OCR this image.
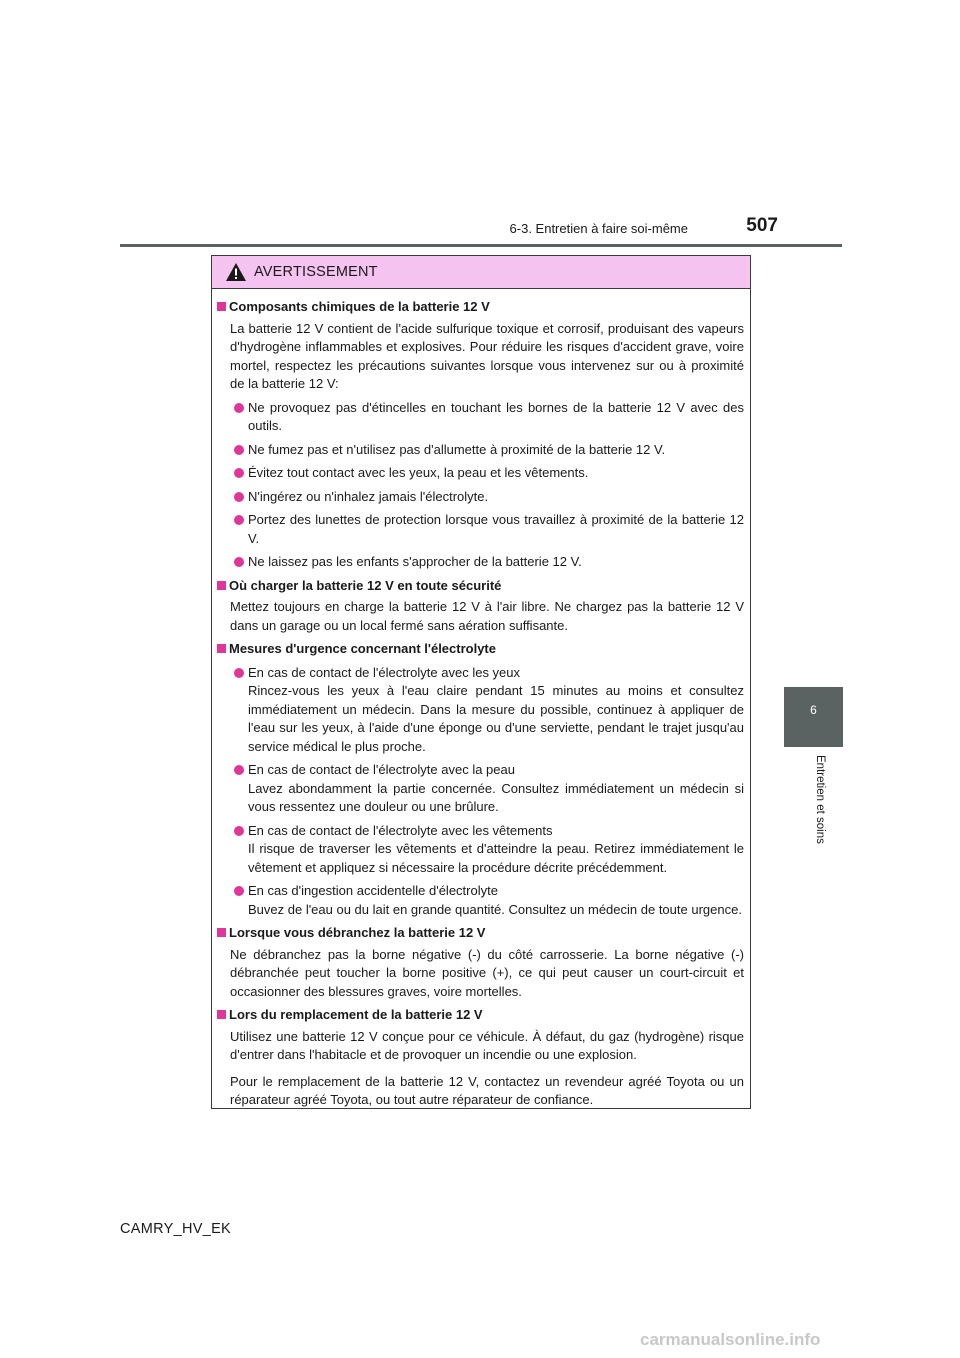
6-3. Entretien à faire soi-même	507
6
Entretien et soins
AVERTISSEMENT
Composants chimiques de la batterie 12 V
La batterie 12 V contient de l'acide sulfurique toxique et corrosif, produisant des vapeurs d'hydrogène inflammables et explosives. Pour réduire les risques d'accident grave, voire mortel, respectez les précautions suivantes lorsque vous intervenez sur ou à proximité de la batterie 12 V:
Ne provoquez pas d'étincelles en touchant les bornes de la batterie 12 V avec des outils.
Ne fumez pas et n'utilisez pas d'allumette à proximité de la batterie 12 V.
Évitez tout contact avec les yeux, la peau et les vêtements.
N'ingérez ou n'inhalez jamais l'électrolyte.
Portez des lunettes de protection lorsque vous travaillez à proximité de la batterie 12 V.
Ne laissez pas les enfants s'approcher de la batterie 12 V.
Où charger la batterie 12 V en toute sécurité
Mettez toujours en charge la batterie 12 V à l'air libre. Ne chargez pas la batterie 12 V dans un garage ou un local fermé sans aération suffisante.
Mesures d'urgence concernant l'électrolyte
En cas de contact de l'électrolyte avec les yeux
Rincez-vous les yeux à l'eau claire pendant 15 minutes au moins et consultez immédiatement un médecin. Dans la mesure du possible, continuez à appliquer de l'eau sur les yeux, à l'aide d'une éponge ou d'une serviette, pendant le trajet jusqu'au service médical le plus proche.
En cas de contact de l'électrolyte avec la peau
Lavez abondamment la partie concernée. Consultez immédiatement un médecin si vous ressentez une douleur ou une brûlure.
En cas de contact de l'électrolyte avec les vêtements
Il risque de traverser les vêtements et d'atteindre la peau. Retirez immédiatement le vêtement et appliquez si nécessaire la procédure décrite précédemment.
En cas d'ingestion accidentelle d'électrolyte
Buvez de l'eau ou du lait en grande quantité. Consultez un médecin de toute urgence.
Lorsque vous débranchez la batterie 12 V
Ne débranchez pas la borne négative (-) du côté carrosserie. La borne négative (-) débranchée peut toucher la borne positive (+), ce qui peut causer un court-circuit et occasionner des blessures graves, voire mortelles.
Lors du remplacement de la batterie 12 V
Utilisez une batterie 12 V conçue pour ce véhicule. À défaut, du gaz (hydrogène) risque d'entrer dans l'habitacle et de provoquer un incendie ou une explosion.
Pour le remplacement de la batterie 12 V, contactez un revendeur agréé Toyota ou un réparateur agréé Toyota, ou tout autre réparateur de confiance.
CAMRY_HV_EK
carmanualsonline.info
